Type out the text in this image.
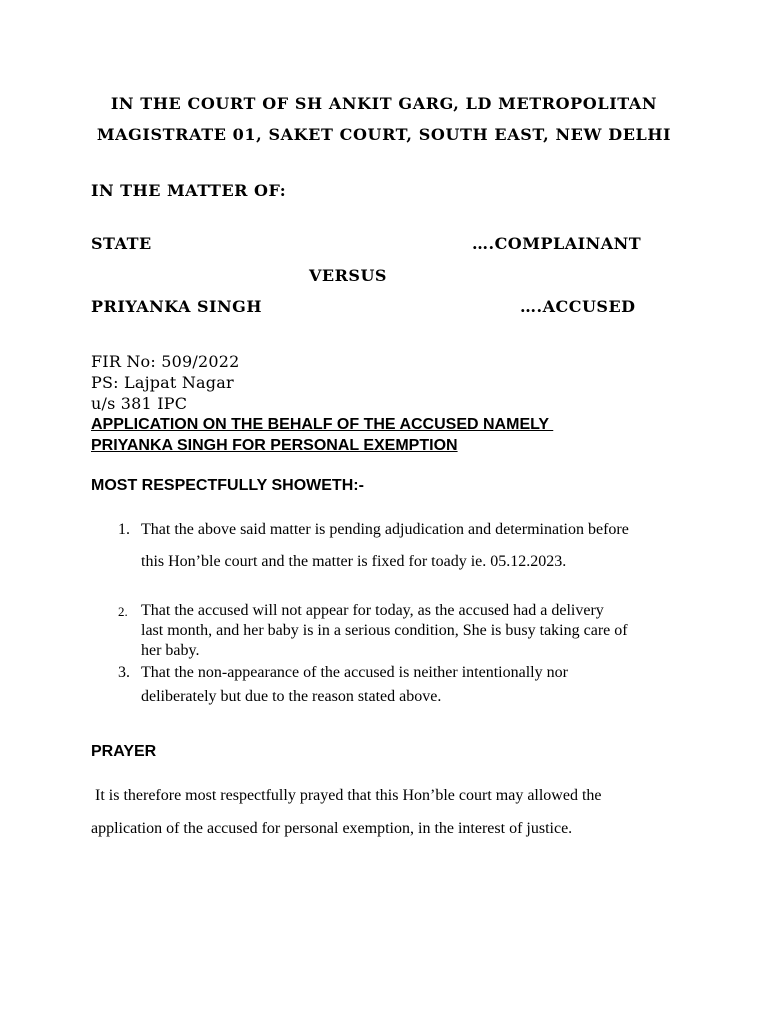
IN THE COURT OF SH ANKIT GARG, LD METROPOLITAN
MAGISTRATE 01, SAKET COURT, SOUTH EAST, NEW DELHI
IN THE MATTER OF:
STATE	….COMPLAINANT
VERSUS
PRIYANKA SINGH	….ACCUSED
FIR No: 509/2022
PS: Lajpat Nagar
u/s 381 IPC
APPLICATION ON THE BEHALF OF THE ACCUSED NAMELY
PRIYANKA SINGH FOR PERSONAL EXEMPTION
MOST RESPECTFULLY SHOWETH:-
1. That the above said matter is pending adjudication and determination before
this Hon’ble court and the matter is fixed for toady ie. 05.12.2023.
2. That the accused will not appear for today, as the accused had a delivery
last month, and her baby is in a serious condition, She is busy taking care of
her baby.
3. That the non-appearance of the accused is neither intentionally nor
deliberately but due to the reason stated above.
PRAYER
It is therefore most respectfully prayed that this Hon’ble court may allowed the
application of the accused for personal exemption, in the interest of justice.
